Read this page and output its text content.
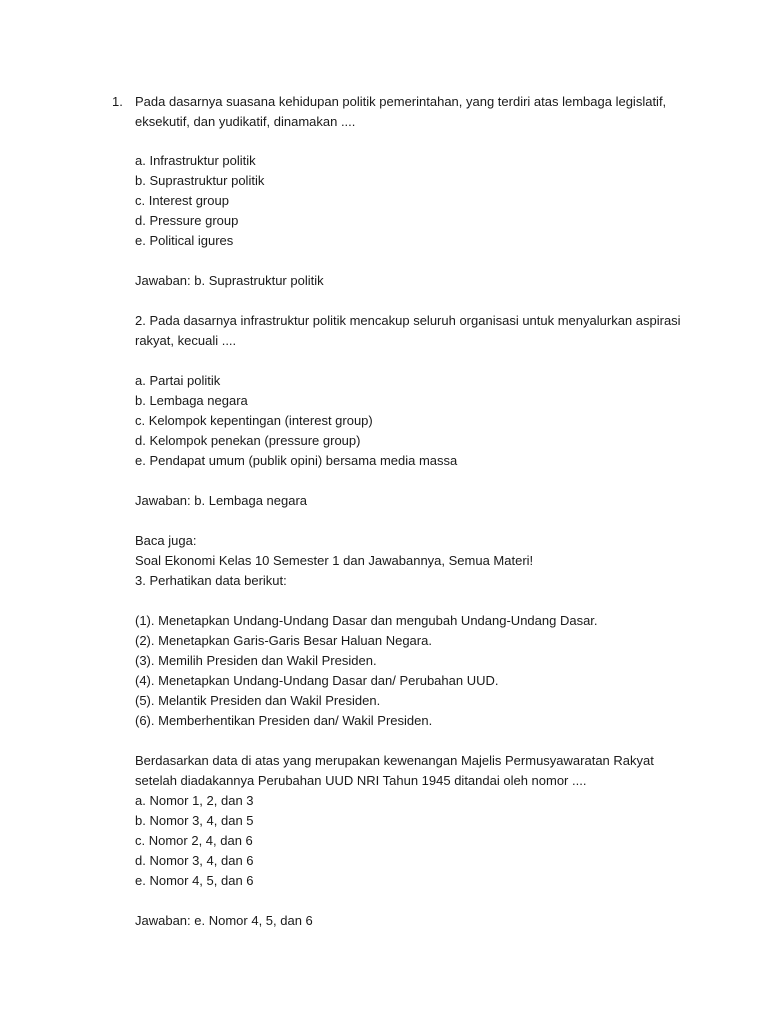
1. Pada dasarnya suasana kehidupan politik pemerintahan, yang terdiri atas lembaga legislatif,
eksekutif, dan yudikatif, dinamakan ....
a. Infrastruktur politik
b. Suprastruktur politik
c. Interest group
d. Pressure group
e. Political igures
Jawaban: b. Suprastruktur politik
2. Pada dasarnya infrastruktur politik mencakup seluruh organisasi untuk menyalurkan aspirasi
rakyat, kecuali ....
a. Partai politik
b. Lembaga negara
c. Kelompok kepentingan (interest group)
d. Kelompok penekan (pressure group)
e. Pendapat umum (publik opini) bersama media massa
Jawaban: b. Lembaga negara
Baca juga:
Soal Ekonomi Kelas 10 Semester 1 dan Jawabannya, Semua Materi!
3. Perhatikan data berikut:
(1). Menetapkan Undang-Undang Dasar dan mengubah Undang-Undang Dasar.
(2). Menetapkan Garis-Garis Besar Haluan Negara.
(3). Memilih Presiden dan Wakil Presiden.
(4). Menetapkan Undang-Undang Dasar dan/ Perubahan UUD.
(5). Melantik Presiden dan Wakil Presiden.
(6). Memberhentikan Presiden dan/ Wakil Presiden.
Berdasarkan data di atas yang merupakan kewenangan Majelis Permusyawaratan Rakyat
setelah diadakannya Perubahan UUD NRI Tahun 1945 ditandai oleh nomor ....
a. Nomor 1, 2, dan 3
b. Nomor 3, 4, dan 5
c. Nomor 2, 4, dan 6
d. Nomor 3, 4, dan 6
e. Nomor 4, 5, dan 6
Jawaban: e. Nomor 4, 5, dan 6
